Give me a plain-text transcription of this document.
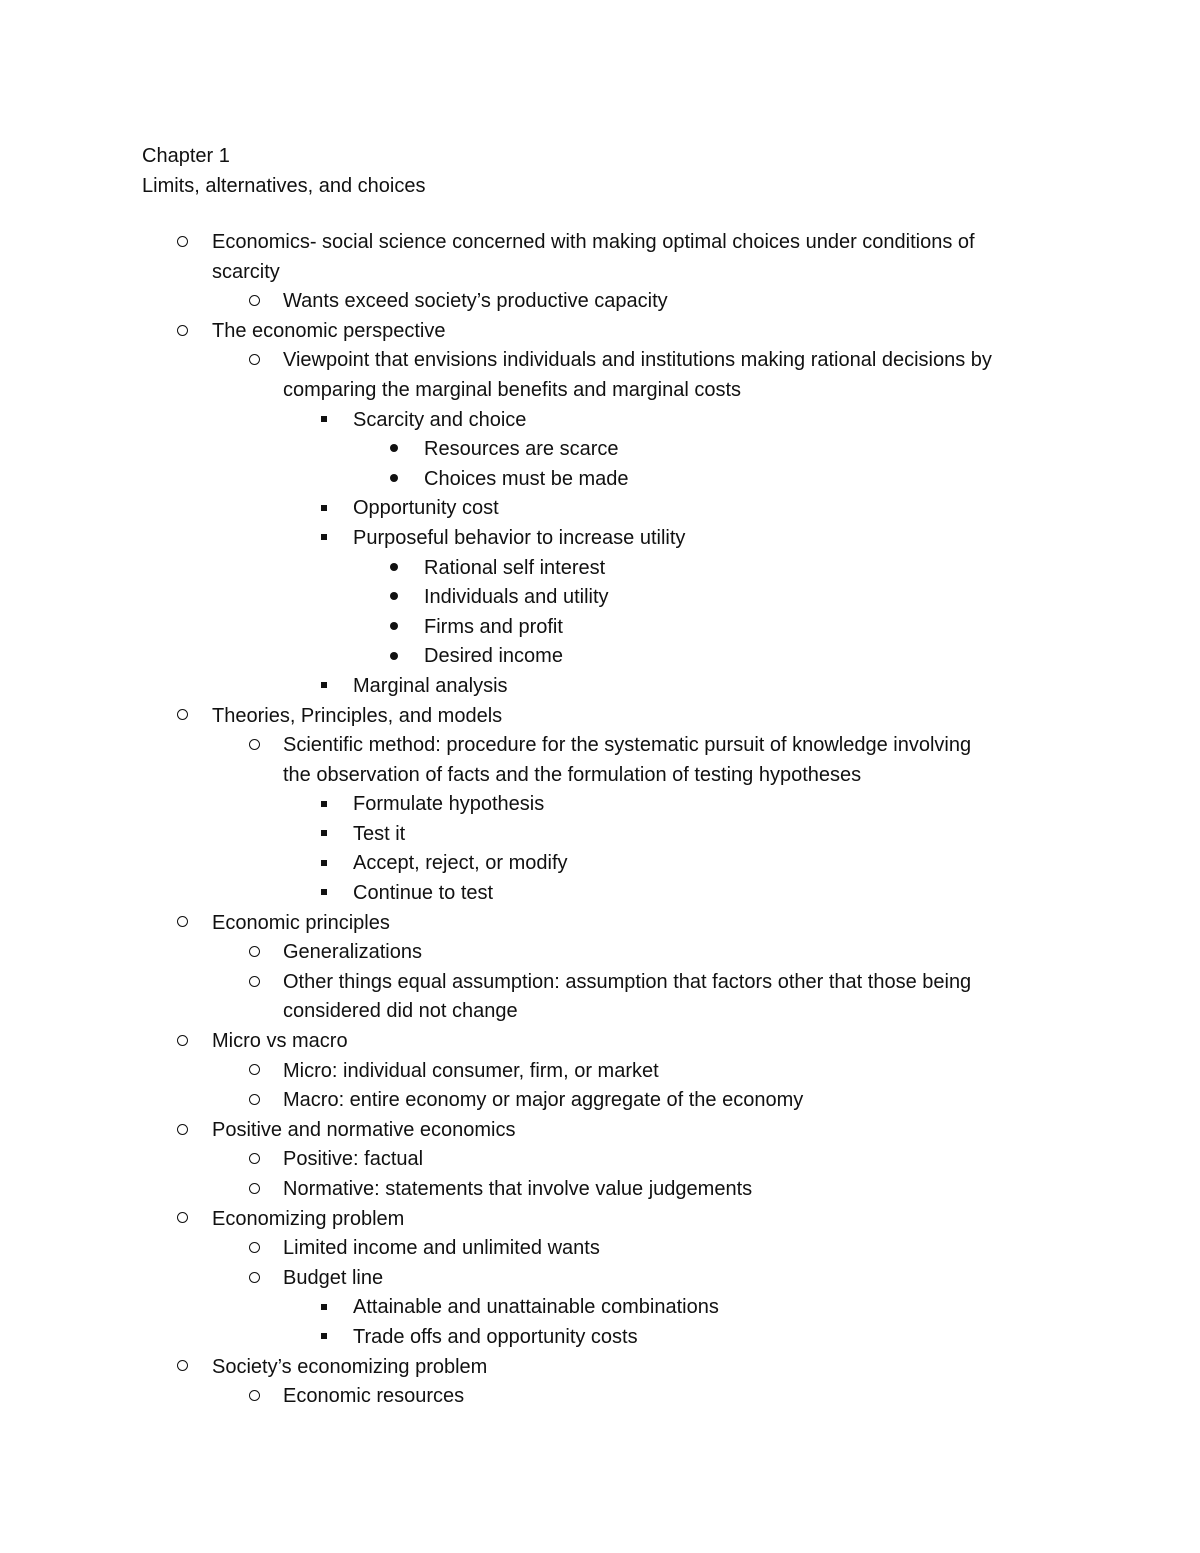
Chapter 1
Limits, alternatives, and choices
Economics- social science concerned with making optimal choices under conditions of
scarcity
Wants exceed society’s productive capacity
The economic perspective
Viewpoint that envisions individuals and institutions making rational decisions by
comparing the marginal benefits and marginal costs
Scarcity and choice
Resources are scarce
Choices must be made
Opportunity cost
Purposeful behavior to increase utility
Rational self interest
Individuals and utility
Firms and profit
Desired income
Marginal analysis
Theories, Principles, and models
Scientific method: procedure for the systematic pursuit of knowledge involving
the observation of facts and the formulation of testing hypotheses
Formulate hypothesis
Test it
Accept, reject, or modify
Continue to test
Economic principles
Generalizations
Other things equal assumption: assumption that factors other that those being
considered did not change
Micro vs macro
Micro: individual consumer, firm, or market
Macro: entire economy or major aggregate of the economy
Positive and normative economics
Positive: factual
Normative: statements that involve value judgements
Economizing problem
Limited income and unlimited wants
Budget line
Attainable and unattainable combinations
Trade offs and opportunity costs
Society’s economizing problem
Economic resources
